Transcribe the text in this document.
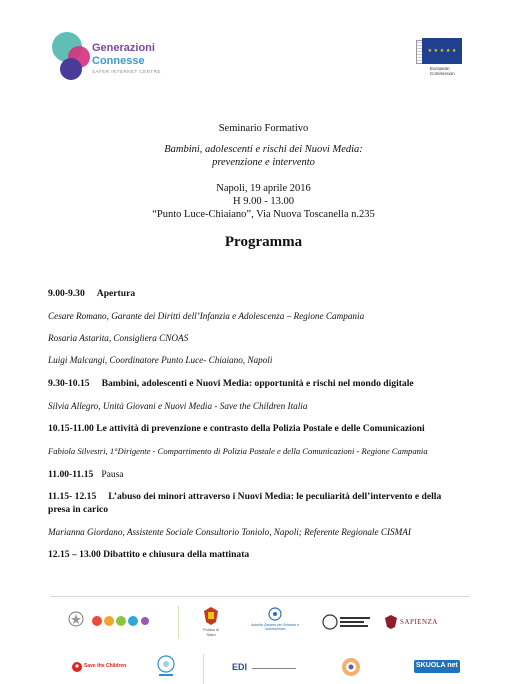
Generazioni
Connesse
SAFER INTERNET CENTRE
★ ★ ★ ★ ★
European
Commission
Seminario Formativo
Bambini, adolescenti e rischi dei Nuovi Media:
prevenzione e intervento
Napoli, 19 aprile 2016
H 9.00 - 13.00
“Punto Luce-Chiaiano”, Via Nuova Toscanella n.235
Programma
9.00-9.30 Apertura
Cesare Romano, Garante dei Diritti dell’Infanzia e Adolescenza – Regione Campania
Rosaria Astarita, Consigliera CNOAS
Luigi Malcangi, Coordinatore Punto Luce- Chiaiano, Napoli
9.30-10.15 Bambini, adolescenti e Nuovi Media: opportunità e rischi nel mondo digitale
Silvia Allegro, Unità Giovani e Nuovi Media - Save the Children Italia
10.15-11.00 Le attività di prevenzione e contrasto della Polizia Postale e delle Comunicazioni
Fabiola Silvestri, 1°Dirigente - Compartimento di Polizia Postale e della Comunicazioni - Regione Campania
11.00-11.15 Pausa
11.15- 12.15 L’abuso dei minori attraverso i Nuovi Media: le peculiarità dell’intervento e della
presa in carico
Marianna Giordano, Assistente Sociale Consultorio Toniolo, Napoli; Referente Regionale CISMAI
12.15 – 13.00 Dibattito e chiusura della mattinata
Polizia di Stato
Autorità Garante per l'Infanzia e l'Adolescenza
SAPIENZA
Save the Children	EDI	SKUOLA net
